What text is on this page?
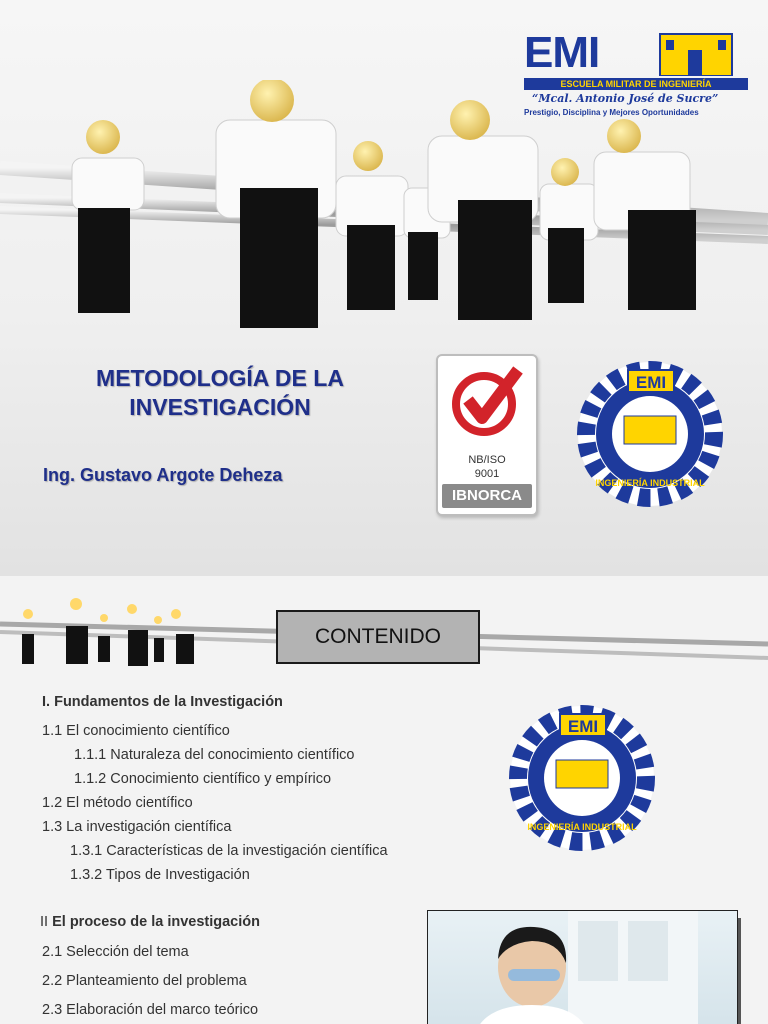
EMI
ESCUELA MILITAR DE INGENIERÍA
“Mcal. Antonio José de Sucre”
Prestigio, Disciplina y Mejores Oportunidades
METODOLOGÍA DE LA
INVESTIGACIÓN
Ing. Gustavo Argote Deheza
NB/ISO
9001
IBNORCA
EMI
INGENIERÍA INDUSTRIAL
CONTENIDO
I. Fundamentos de la Investigación
1.1 El conocimiento científico
1.1.1 Naturaleza del conocimiento científico
1.1.2 Conocimiento científico y empírico
1.2 El método científico
1.3 La investigación científica
1.3.1 Características de la investigación científica
1.3.2 Tipos de Investigación
II El proceso de la investigación
2.1 Selección del tema
2.2 Planteamiento del problema
2.3 Elaboración del marco teórico
EMI
INGENIERÍA INDUSTRIAL
